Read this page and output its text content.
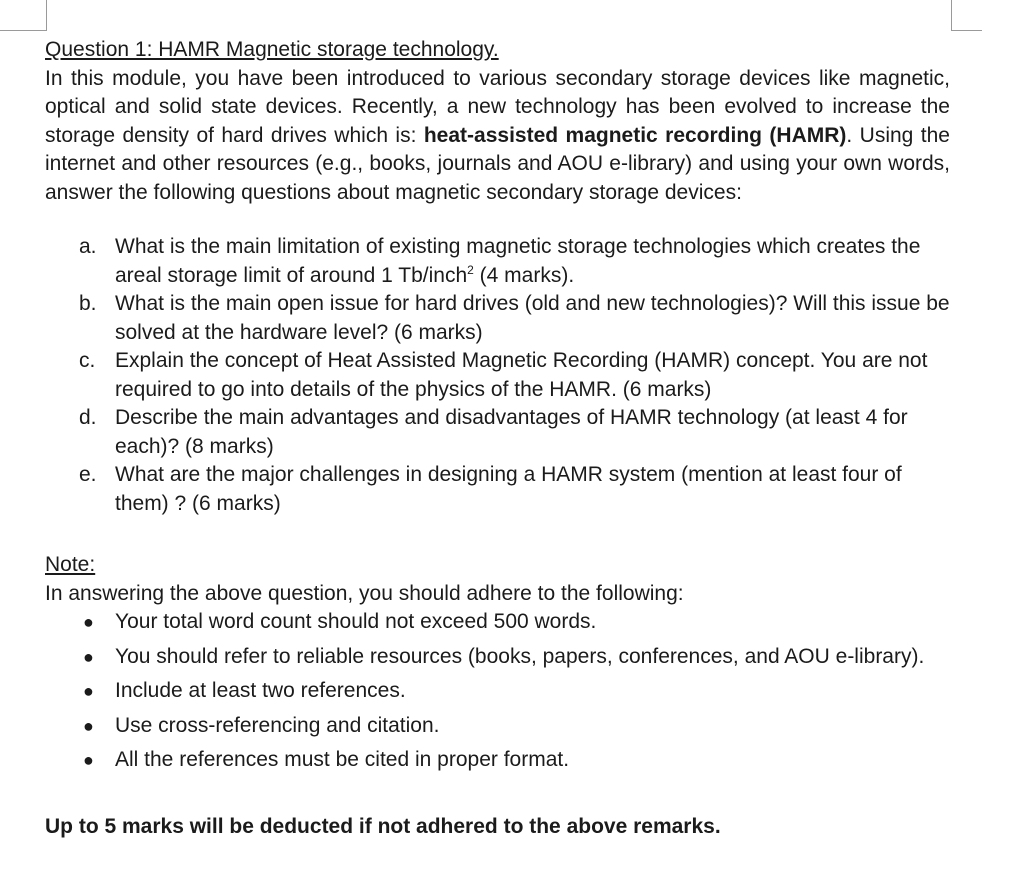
Question 1: HAMR Magnetic storage technology.

In this module, you have been introduced to various secondary storage devices like magnetic, optical and solid state devices. Recently, a new technology has been evolved to increase the storage density of hard drives which is: heat-assisted magnetic recording (HAMR). Using the internet and other resources (e.g., books, journals and AOU e-library) and using your own words, answer the following questions about magnetic secondary storage devices:

a. What is the main limitation of existing magnetic storage technologies which creates the areal storage limit of around 1 Tb/inch$^2$ (4 marks).
b. What is the main open issue for hard drives (old and new technologies)? Will this issue be solved at the hardware level? (6 marks)
c. Explain the concept of Heat Assisted Magnetic Recording (HAMR) concept. You are not required to go into details of the physics of the HAMR. (6 marks)
d. Describe the main advantages and disadvantages of HAMR technology (at least 4 for each)? (8 marks)
e. What are the major challenges in designing a HAMR system (mention at least four of them) ? (6 marks)
Note:
In answering the above question, you should adhere to the following:
● Your total word count should not exceed 500 words.
● You should refer to reliable resources (books, papers, conferences, and AOU e-library).
● Include at least two references.
● Use cross-referencing and citation.
● All the references must be cited in proper format.
Up to 5 marks will be deducted if not adhered to the above remarks.
